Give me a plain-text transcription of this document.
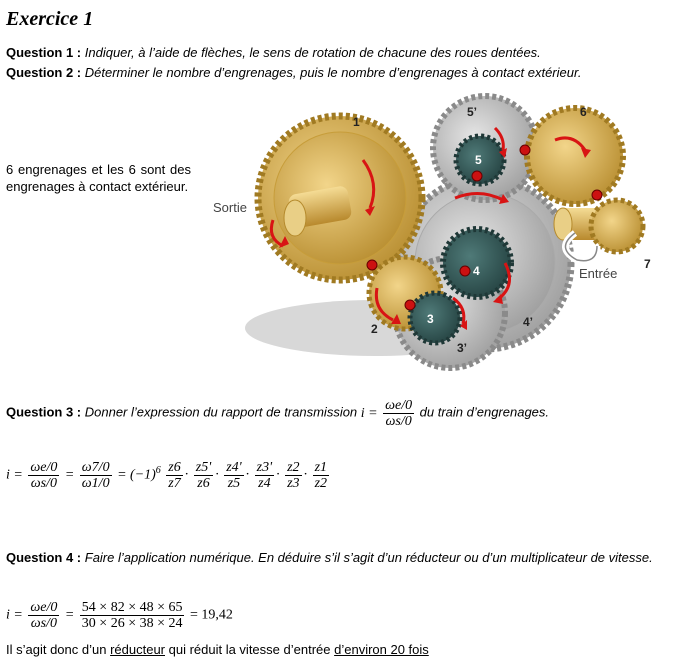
Exercice 1
Question 1 : Indiquer, à l’aide de flèches, le sens de rotation de chacune des roues dentées.
Question 2 : Déterminer le nombre d’engrenages, puis le nombre d’engrenages à contact extérieur.
6 engrenages et les 6 sont des engrenages à contact extérieur.
1
2
3
3’
4
4’
5
5’	6
7
Sortie
Entrée
Question 3 : Donner l’expression du rapport de transmission $i = \frac{\omega e/0}{\omega s/0}$ du train d’engrenages.
$i = \frac{\omega e/0}{\omega s/0} = \frac{\omega 7/0}{\omega 1/0} = (-1)^6 \frac{z6}{z7} \cdot \frac{z5'}{z6} \cdot \frac{z4'}{z5} \cdot \frac{z3'}{z4} \cdot \frac{z2}{z3} \cdot \frac{z1}{z2}$
Question 4 : Faire l’application numérique. En déduire s’il s’agit d’un réducteur ou d’un multiplicateur de vitesse.
$i = \frac{\omega e/0}{\omega s/0} = \frac{54 \times 82 \times 48 \times 65}{30 \times 26 \times 38 \times 24} = 19,42$
Il s’agit donc d’un réducteur qui réduit la vitesse d’entrée d’environ 20 fois
